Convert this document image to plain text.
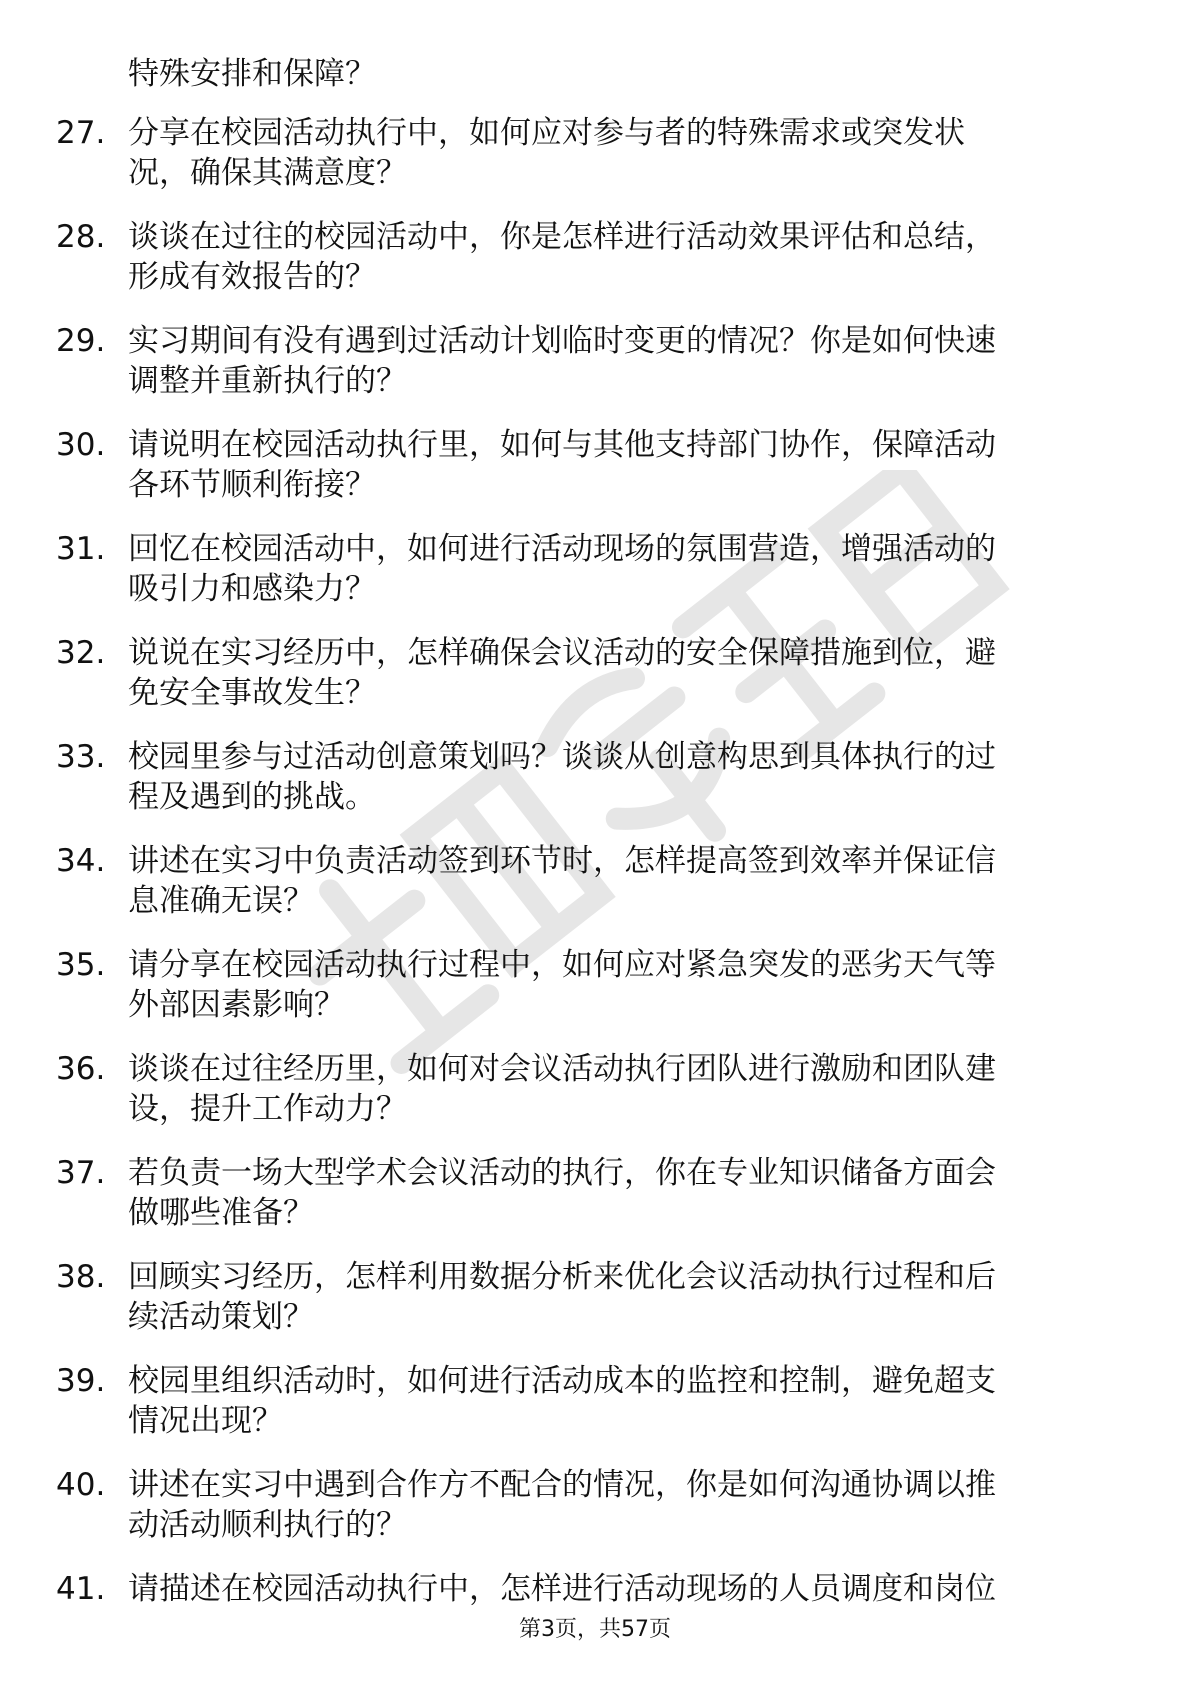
特殊安排和保障？
27. 分享在校园活动执行中，如何应对参与者的特殊需求或突发状
况，确保其满意度？
28. 谈谈在过往的校园活动中，你是怎样进行活动效果评估和总结，
形成有效报告的？
29. 实习期间有没有遇到过活动计划临时变更的情况？你是如何快速
调整并重新执行的？
30. 请说明在校园活动执行里，如何与其他支持部门协作，保障活动
各环节顺利衔接？
31. 回忆在校园活动中，如何进行活动现场的氛围营造，增强活动的
吸引力和感染力？
32. 说说在实习经历中，怎样确保会议活动的安全保障措施到位，避
免安全事故发生？
33. 校园里参与过活动创意策划吗？谈谈从创意构思到具体执行的过
程及遇到的挑战。
34. 讲述在实习中负责活动签到环节时，怎样提高签到效率并保证信
息准确无误？
35. 请分享在校园活动执行过程中，如何应对紧急突发的恶劣天气等
外部因素影响？
36. 谈谈在过往经历里，如何对会议活动执行团队进行激励和团队建
设，提升工作动力？
37. 若负责一场大型学术会议活动的执行，你在专业知识储备方面会
做哪些准备？
38. 回顾实习经历，怎样利用数据分析来优化会议活动执行过程和后
续活动策划？
39. 校园里组织活动时，如何进行活动成本的监控和控制，避免超支
情况出现？
40. 讲述在实习中遇到合作方不配合的情况，你是如何沟通协调以推
动活动顺利执行的？
41. 请描述在校园活动执行中，怎样进行活动现场的人员调度和岗位
第3页，共57页
